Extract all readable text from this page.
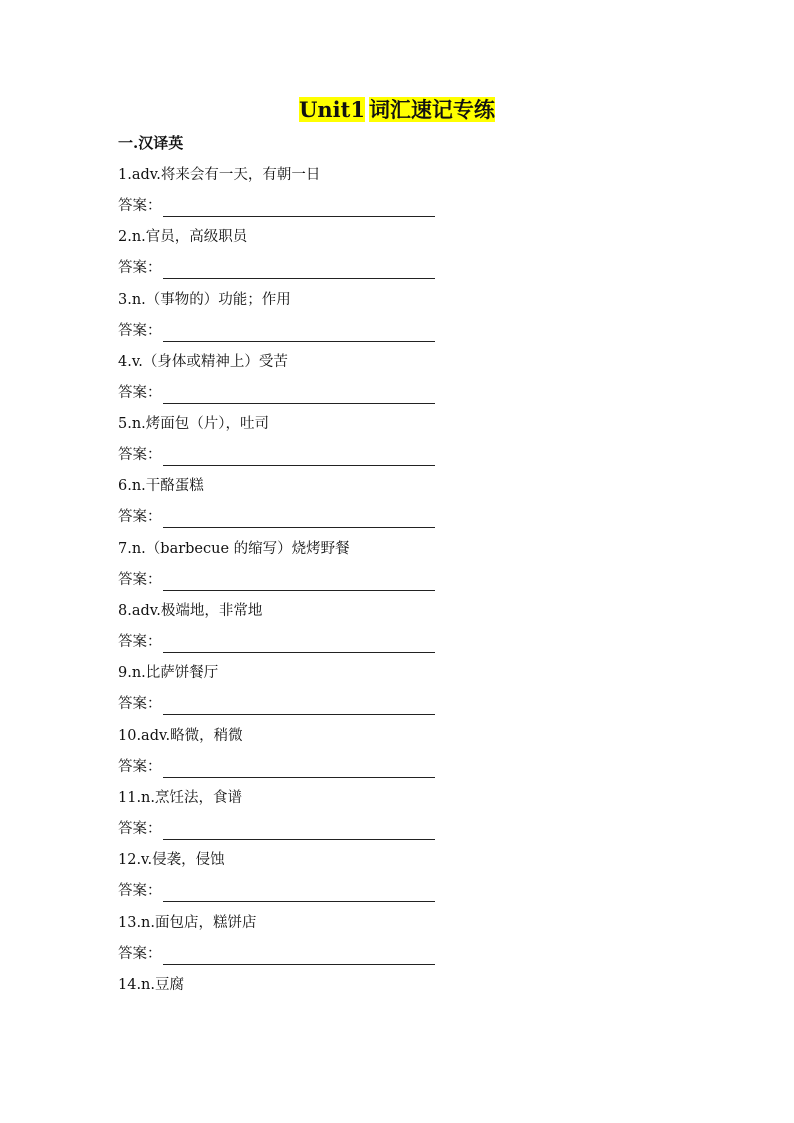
Unit1 词汇速记专练
一.汉译英
1.adv.将来会有一天，有朝一日
答案：
2.n.官员，高级职员
答案：
3.n.（事物的）功能；作用
答案：
4.v.（身体或精神上）受苦
答案：
5.n.烤面包（片），吐司
答案：
6.n.干酪蛋糕
答案：
7.n.（barbecue 的缩写）烧烤野餐
答案：
8.adv.极端地，非常地
答案：
9.n.比萨饼餐厅
答案：
10.adv.略微，稍微
答案：
11.n.烹饪法，食谱
答案：
12.v.侵袭，侵蚀
答案：
13.n.面包店，糕饼店
答案：
14.n.豆腐
